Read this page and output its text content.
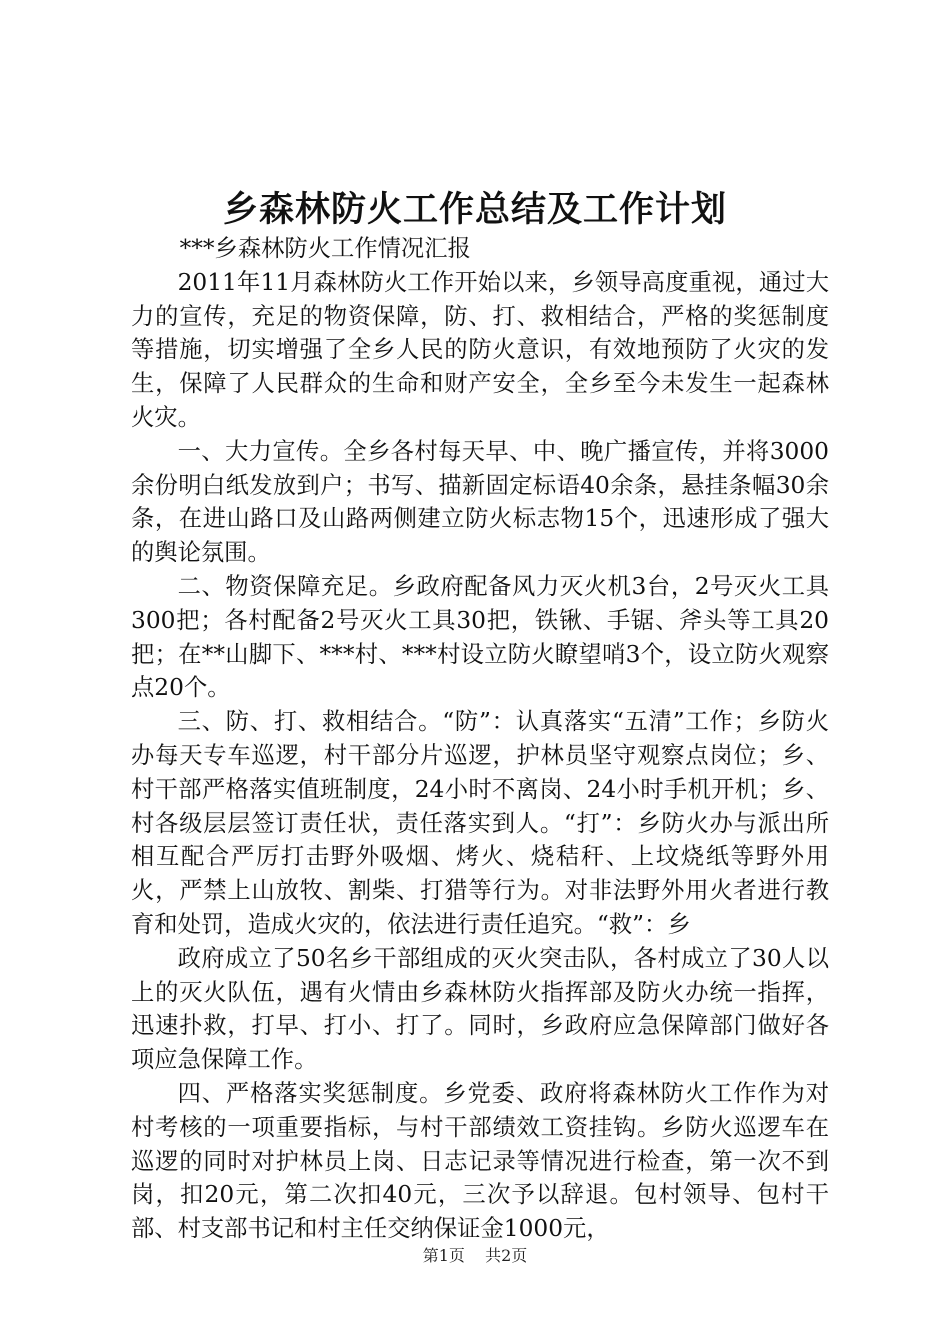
乡森林防火工作总结及工作计划

***乡森林防火工作情况汇报

2011年11月森林防火工作开始以来，乡领导高度重视，通过大力的宣传，充足的物资保障，防、打、救相结合，严格的奖惩制度等措施，切实增强了全乡人民的防火意识，有效地预防了火灾的发生，保障了人民群众的生命和财产安全，全乡至今未发生一起森林火灾。

一、大力宣传。全乡各村每天早、中、晚广播宣传，并将3000余份明白纸发放到户；书写、描新固定标语40余条，悬挂条幅30余条，在进山路口及山路两侧建立防火标志物15个，迅速形成了强大的舆论氛围。

二、物资保障充足。乡政府配备风力灭火机3台，2号灭火工具300把；各村配备2号灭火工具30把，铁锹、手锯、斧头等工具20把；在**山脚下、***村、***村设立防火瞭望哨3个，设立防火观察点20个。

三、防、打、救相结合。“防”：认真落实“五清”工作；乡防火办每天专车巡逻，村干部分片巡逻，护林员坚守观察点岗位；乡、村干部严格落实值班制度，24小时不离岗、24小时手机开机；乡、村各级层层签订责任状，责任落实到人。“打”：乡防火办与派出所相互配合严厉打击野外吸烟、烤火、烧秸秆、上坟烧纸等野外用火，严禁上山放牧、割柴、打猎等行为。对非法野外用火者进行教育和处罚，造成火灾的，依法进行责任追究。“救”：乡

政府成立了50名乡干部组成的灭火突击队，各村成立了30人以上的灭火队伍，遇有火情由乡森林防火指挥部及防火办统一指挥，迅速扑救，打早、打小、打了。同时，乡政府应急保障部门做好各项应急保障工作。

四、严格落实奖惩制度。乡党委、政府将森林防火工作作为对村考核的一项重要指标，与村干部绩效工资挂钩。乡防火巡逻车在巡逻的同时对护林员上岗、日志记录等情况进行检查，第一次不到岗，扣20元，第二次扣40元，三次予以辞退。包村领导、包村干部、村支部书记和村主任交纳保证金1000元，

第1页 共2页
